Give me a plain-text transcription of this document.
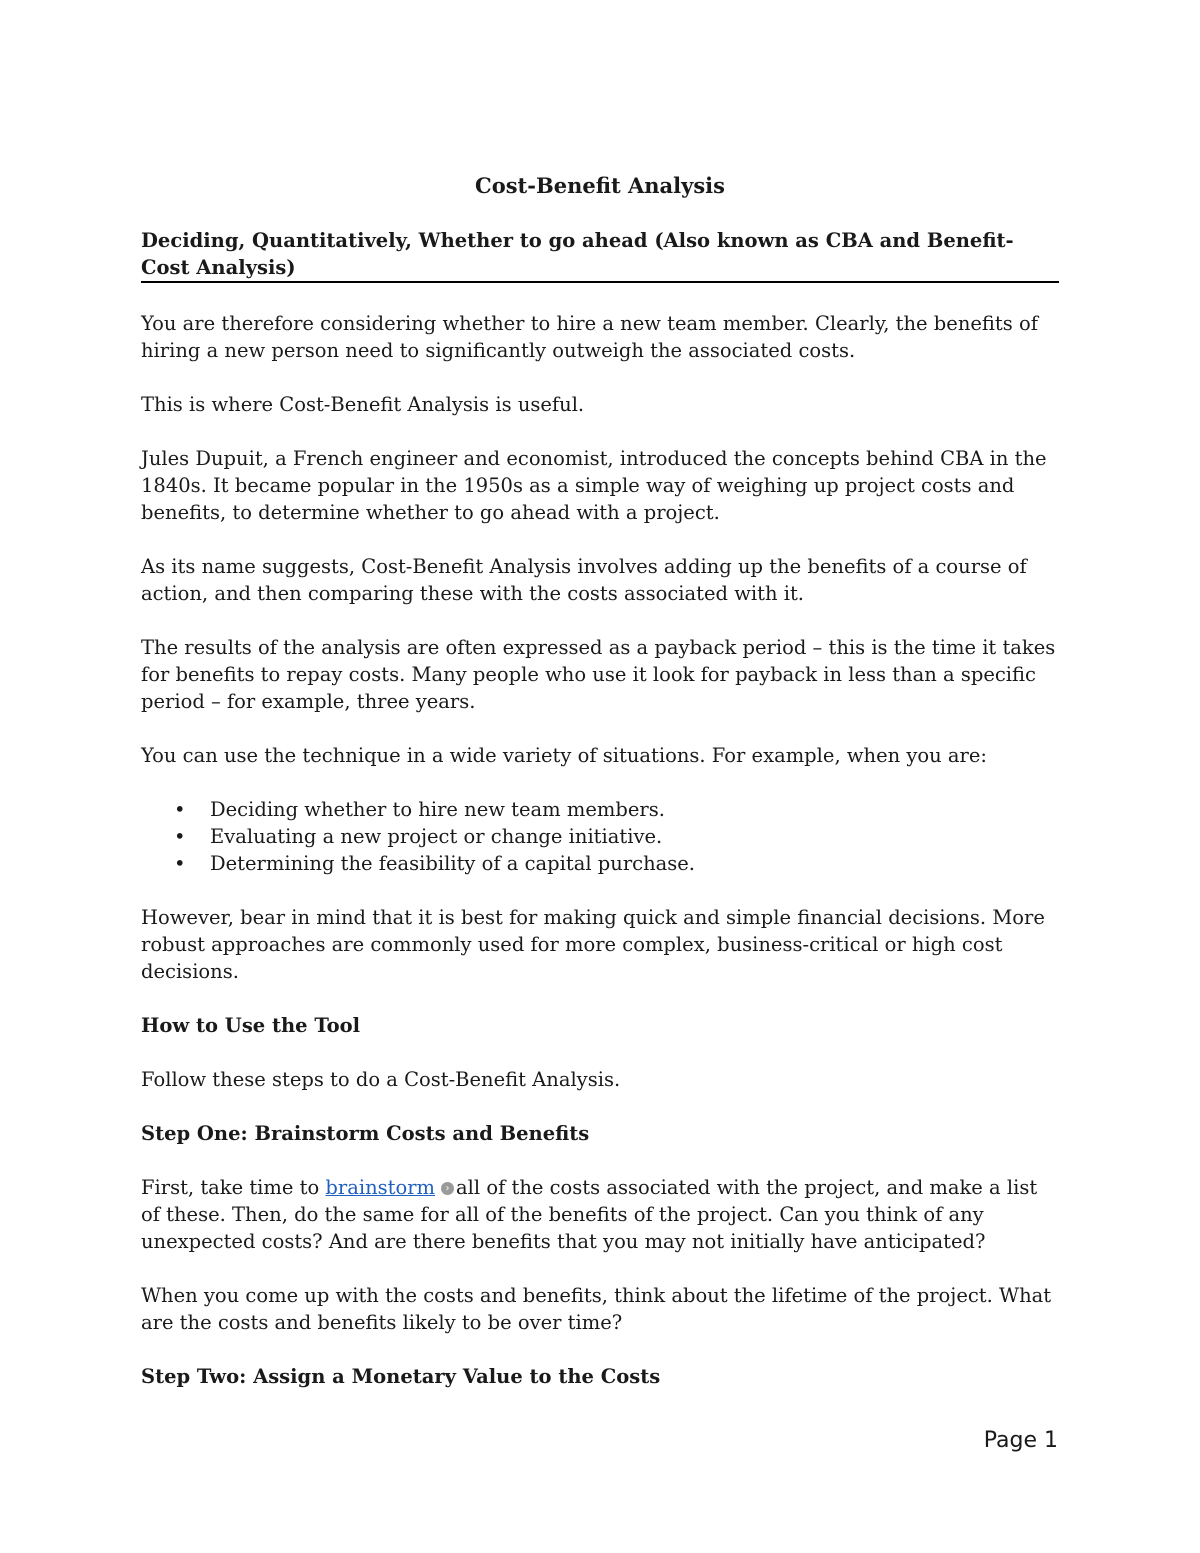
Cost-Benefit Analysis
Deciding, Quantitatively, Whether to go ahead (Also known as CBA and Benefit-Cost Analysis)

You are therefore considering whether to hire a new team member. Clearly, the benefits of hiring a new person need to significantly outweigh the associated costs.

This is where Cost-Benefit Analysis is useful.

Jules Dupuit, a French engineer and economist, introduced the concepts behind CBA in the 1840s. It became popular in the 1950s as a simple way of weighing up project costs and benefits, to determine whether to go ahead with a project.

As its name suggests, Cost-Benefit Analysis involves adding up the benefits of a course of action, and then comparing these with the costs associated with it.

The results of the analysis are often expressed as a payback period – this is the time it takes for benefits to repay costs. Many people who use it look for payback in less than a specific period – for example, three years.

You can use the technique in a wide variety of situations. For example, when you are:

• Deciding whether to hire new team members.
• Evaluating a new project or change initiative.
• Determining the feasibility of a capital purchase.

However, bear in mind that it is best for making quick and simple financial decisions. More robust approaches are commonly used for more complex, business-critical or high cost decisions.

How to Use the Tool

Follow these steps to do a Cost-Benefit Analysis.

Step One: Brainstorm Costs and Benefits

First, take time to brainstorm › all of the costs associated with the project, and make a list of these. Then, do the same for all of the benefits of the project. Can you think of any unexpected costs? And are there benefits that you may not initially have anticipated?

When you come up with the costs and benefits, think about the lifetime of the project. What are the costs and benefits likely to be over time?

Step Two: Assign a Monetary Value to the Costs
Page 1
